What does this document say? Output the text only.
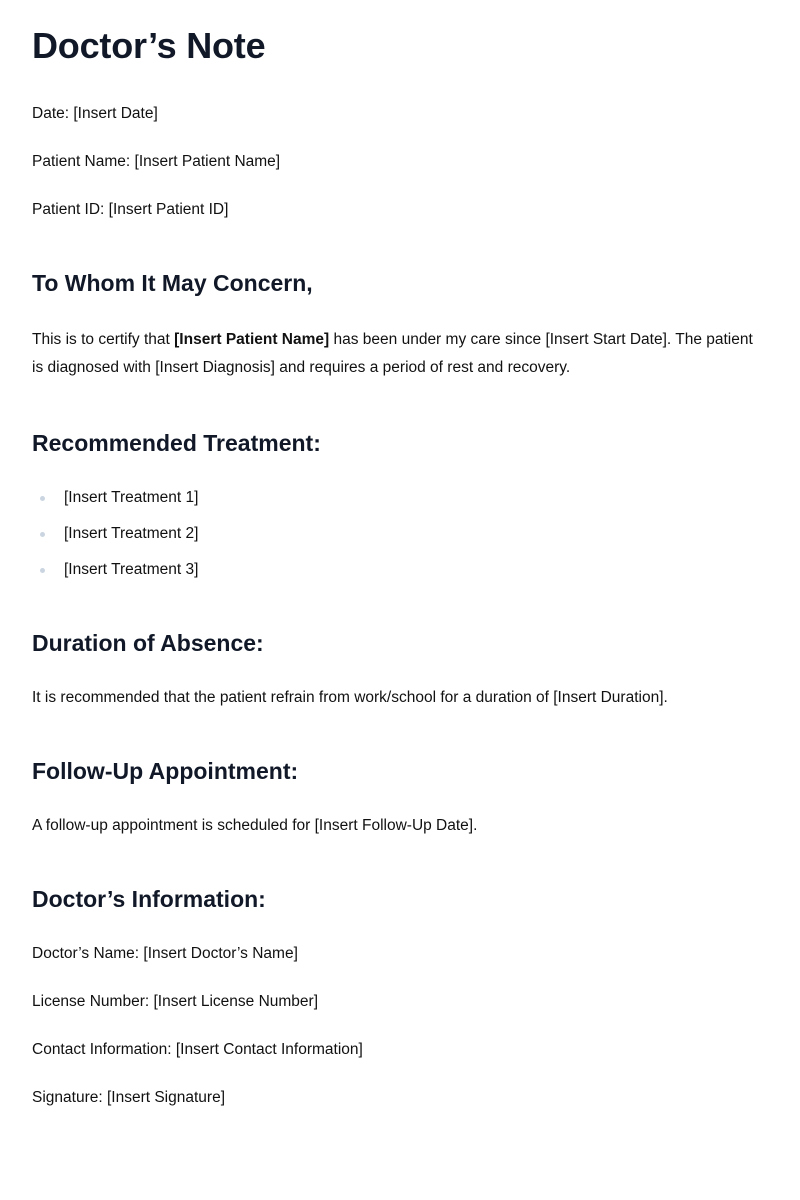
Doctor’s Note

Date: [Insert Date]

Patient Name: [Insert Patient Name]

Patient ID: [Insert Patient ID]

To Whom It May Concern,

This is to certify that [Insert Patient Name] has been under my care since [Insert Start Date]. The patient is diagnosed with [Insert Diagnosis] and requires a period of rest and recovery.

Recommended Treatment:
[Insert Treatment 1]
[Insert Treatment 2]
[Insert Treatment 3]
Duration of Absence:

It is recommended that the patient refrain from work/school for a duration of [Insert Duration].

Follow-Up Appointment:

A follow-up appointment is scheduled for [Insert Follow-Up Date].

Doctor’s Information:

Doctor’s Name: [Insert Doctor’s Name]

License Number: [Insert License Number]

Contact Information: [Insert Contact Information]

Signature: [Insert Signature]
